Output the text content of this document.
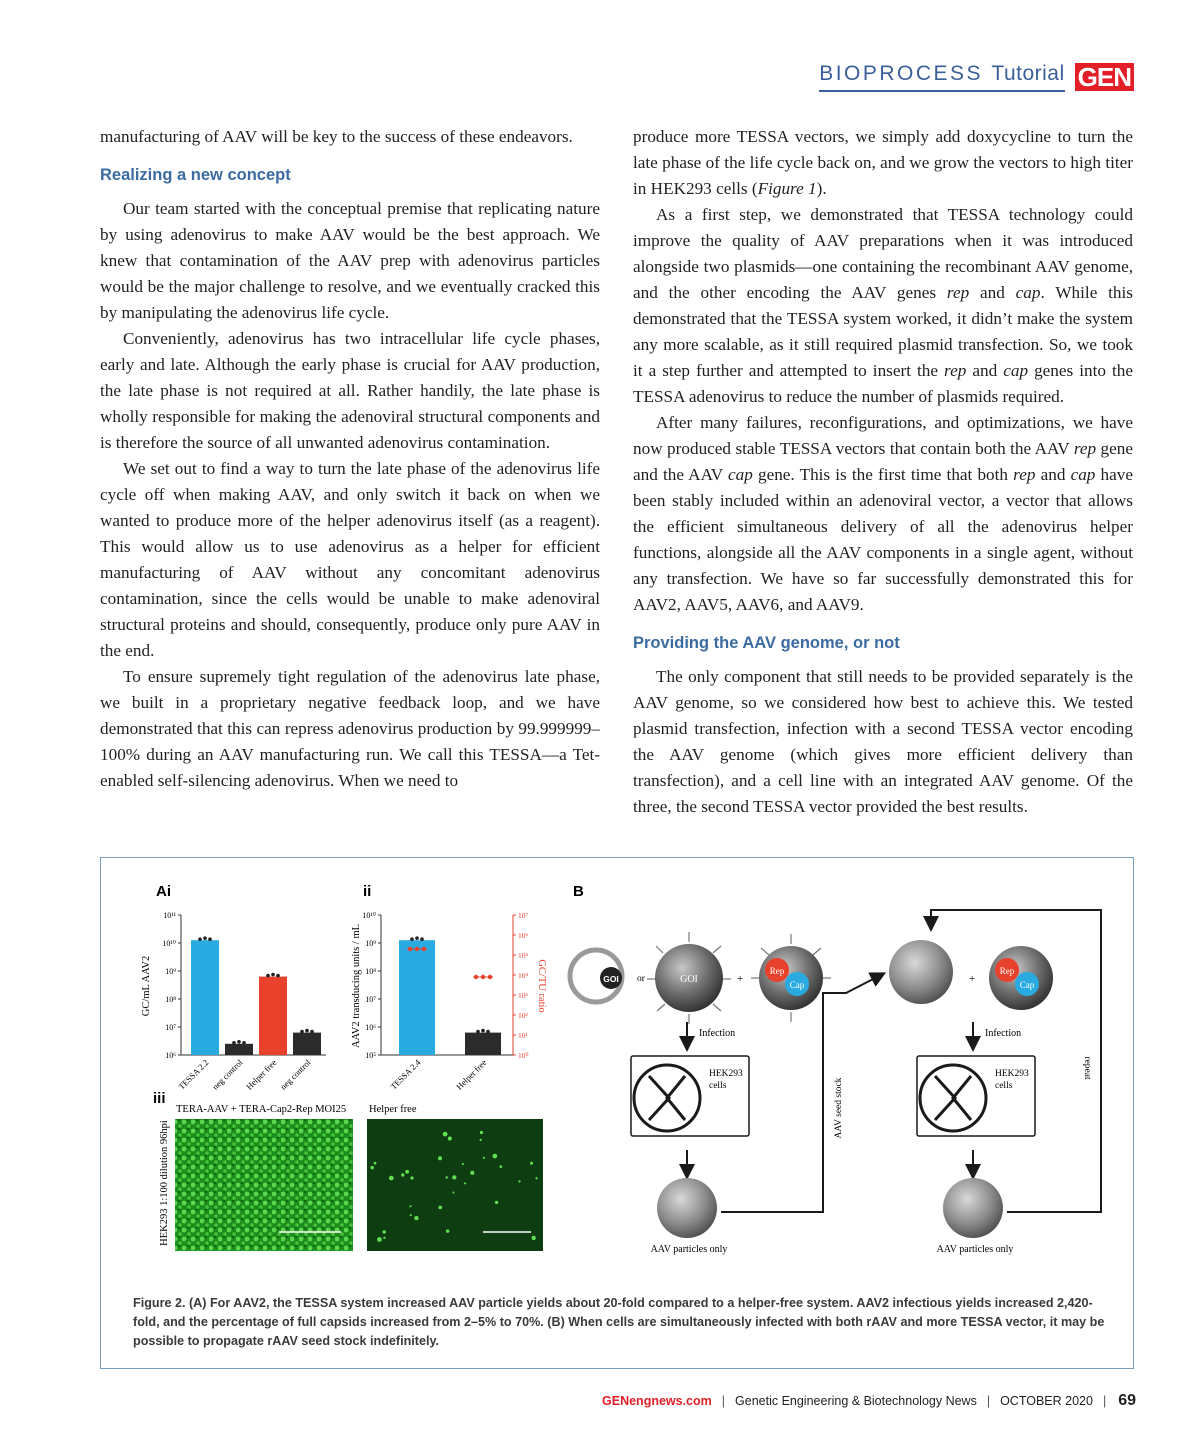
BIOPROCESS Tutorial GEN

manufacturing of AAV will be key to the success of these endeavors.

Realizing a new concept

Our team started with the conceptual premise that replicating nature by using adenovirus to make AAV would be the best approach. We knew that contamination of the AAV prep with adenovirus particles would be the major challenge to resolve, and we eventually cracked this by manipulating the adenovirus life cycle.

Conveniently, adenovirus has two intracellular life cycle phases, early and late. Although the early phase is crucial for AAV production, the late phase is not required at all. Rather handily, the late phase is wholly responsible for making the adenoviral structural components and is therefore the source of all unwanted adenovirus contamination.

We set out to find a way to turn the late phase of the adenovirus life cycle off when making AAV, and only switch it back on when we wanted to produce more of the helper adenovirus itself (as a reagent). This would allow us to use adenovirus as a helper for efficient manufacturing of AAV without any concomitant adenovirus contamination, since the cells would be unable to make adenoviral structural proteins and should, consequently, produce only pure AAV in the end.

To ensure supremely tight regulation of the adenovirus late phase, we built in a proprietary negative feedback loop, and we have demonstrated that this can repress adenovirus production by 99.999999–100% during an AAV manufacturing run. We call this TESSA—a Tet-enabled self-silencing adenovirus. When we need to

produce more TESSA vectors, we simply add doxycycline to turn the late phase of the life cycle back on, and we grow the vectors to high titer in HEK293 cells (Figure 1).

As a first step, we demonstrated that TESSA technology could improve the quality of AAV preparations when it was introduced alongside two plasmids—one containing the recombinant AAV genome, and the other encoding the AAV genes rep and cap. While this demonstrated that the TESSA system worked, it didn’t make the system any more scalable, as it still required plasmid transfection. So, we took it a step further and attempted to insert the rep and cap genes into the TESSA adenovirus to reduce the number of plasmids required.

After many failures, reconfigurations, and optimizations, we have now produced stable TESSA vectors that contain both the AAV rep gene and the AAV cap gene. This is the first time that both rep and cap have been stably included within an adenoviral vector, a vector that allows the efficient simultaneous delivery of all the adenovirus helper functions, alongside all the AAV components in a single agent, without any transfection. We have so far successfully demonstrated this for AAV2, AAV5, AAV6, and AAV9.

Providing the AAV genome, or not

The only component that still needs to be provided separately is the AAV genome, so we considered how best to achieve this. We tested plasmid transfection, infection with a second TESSA vector encoding the AAV genome (which gives more efficient delivery than transfection), and a cell line with an integrated AAV genome. Of the three, the second TESSA vector provided the best results.

Ai	ii	B
iii
GC/mL AAV2
10⁶
10⁷
10⁸
10⁹
10¹⁰
10¹¹
TESSA 2.2 neg control Helper free neg control
AAV2 transducing units / mL	GC/TU ratio
10⁵
10⁶
10⁷
10⁸
10⁹
10¹⁰
TESSA 2.4	Helper free
10⁰
10¹
10²
10³
10⁴
10⁵
10⁶
10⁷
HEK293 1:100 dilution 96hpi
TERA-AAV + TERA-Cap2-Rep MOI25 Helper free
GOI or	GOI	+
Rep
Cap
Infection
HEK293
cells
AAV particles only
AAV seed stock
+
Rep
Cap
Infection
HEK293
cells
AAV particles only
repeat
Figure 2. (A) For AAV2, the TESSA system increased AAV particle yields about 20-fold compared to a helper-free system. AAV2 infectious yields increased 2,420-fold, and the percentage of full capsids increased from 2–5% to 70%. (B) When cells are simultaneously infected with both rAAV and more TESSA vector, it may be possible to propagate rAAV seed stock indefinitely.
GENengnews.com | Genetic Engineering & Biotechnology News | OCTOBER 2020 | 69
